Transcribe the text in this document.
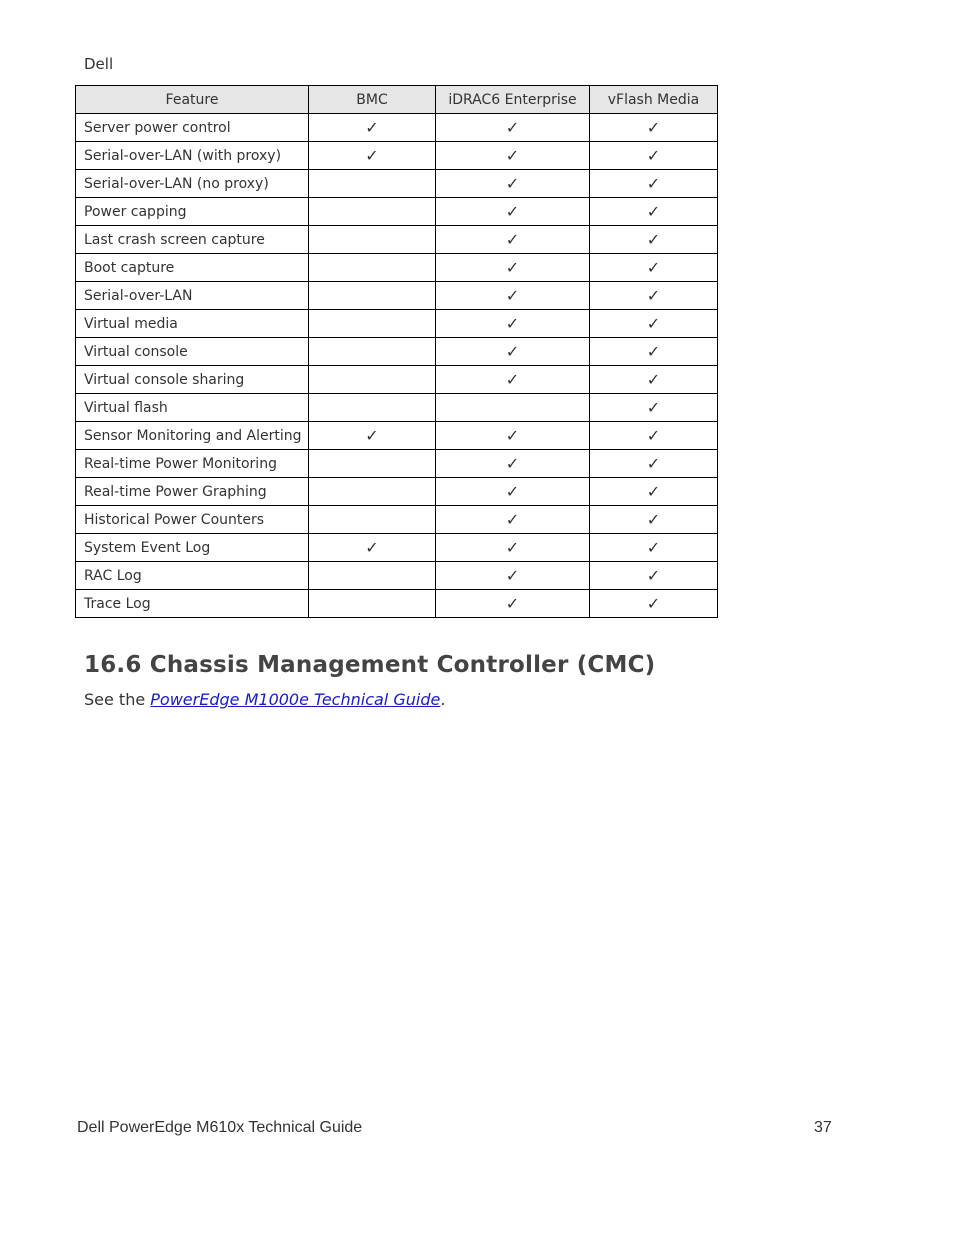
Dell
Feature	BMC	iDRAC6 Enterprise	vFlash Media
Server power control	✓	✓	✓
Serial-over-LAN (with proxy)	✓	✓	✓
Serial-over-LAN (no proxy)		✓	✓
Power capping		✓	✓
Last crash screen capture		✓	✓
Boot capture		✓	✓
Serial-over-LAN		✓	✓
Virtual media		✓	✓
Virtual console		✓	✓
Virtual console sharing		✓	✓
Virtual flash			✓
Sensor Monitoring and Alerting	✓	✓	✓
Real-time Power Monitoring		✓	✓
Real-time Power Graphing		✓	✓
Historical Power Counters		✓	✓
System Event Log	✓	✓	✓
RAC Log		✓	✓
Trace Log		✓	✓
16.6 Chassis Management Controller (CMC)
See the PowerEdge M1000e Technical Guide.
Dell PowerEdge M610x Technical Guide	37
